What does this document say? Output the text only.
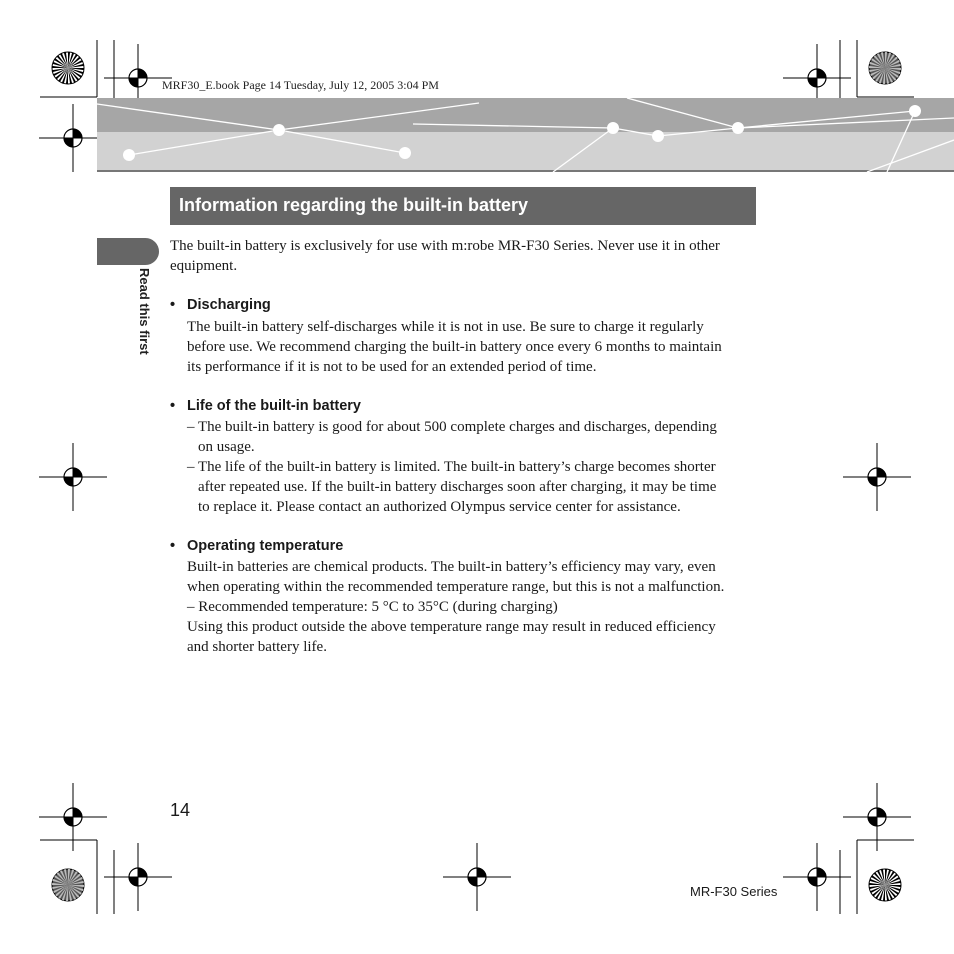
MRF30_E.book Page 14 Tuesday, July 12, 2005 3:04 PM
Information regarding the built-in battery
Read this first
The built-in battery is exclusively for use with m:robe MR-F30 Series. Never use it in other
equipment.
• Discharging
The built-in battery self-discharges while it is not in use. Be sure to charge it regularly
before use. We recommend charging the built-in battery once every 6 months to maintain
its performance if it is not to be used for an extended period of time.
• Life of the built-in battery
– The built-in battery is good for about 500 complete charges and discharges, depending
on usage.
– The life of the built-in battery is limited. The built-in battery’s charge becomes shorter
after repeated use. If the built-in battery discharges soon after charging, it may be time
to replace it. Please contact an authorized Olympus service center for assistance.
• Operating temperature
Built-in batteries are chemical products. The built-in battery’s efficiency may vary, even
when operating within the recommended temperature range, but this is not a malfunction.
– Recommended temperature: 5 °C to 35°C (during charging)
Using this product outside the above temperature range may result in reduced efficiency
and shorter battery life.
14
MR-F30 Series
